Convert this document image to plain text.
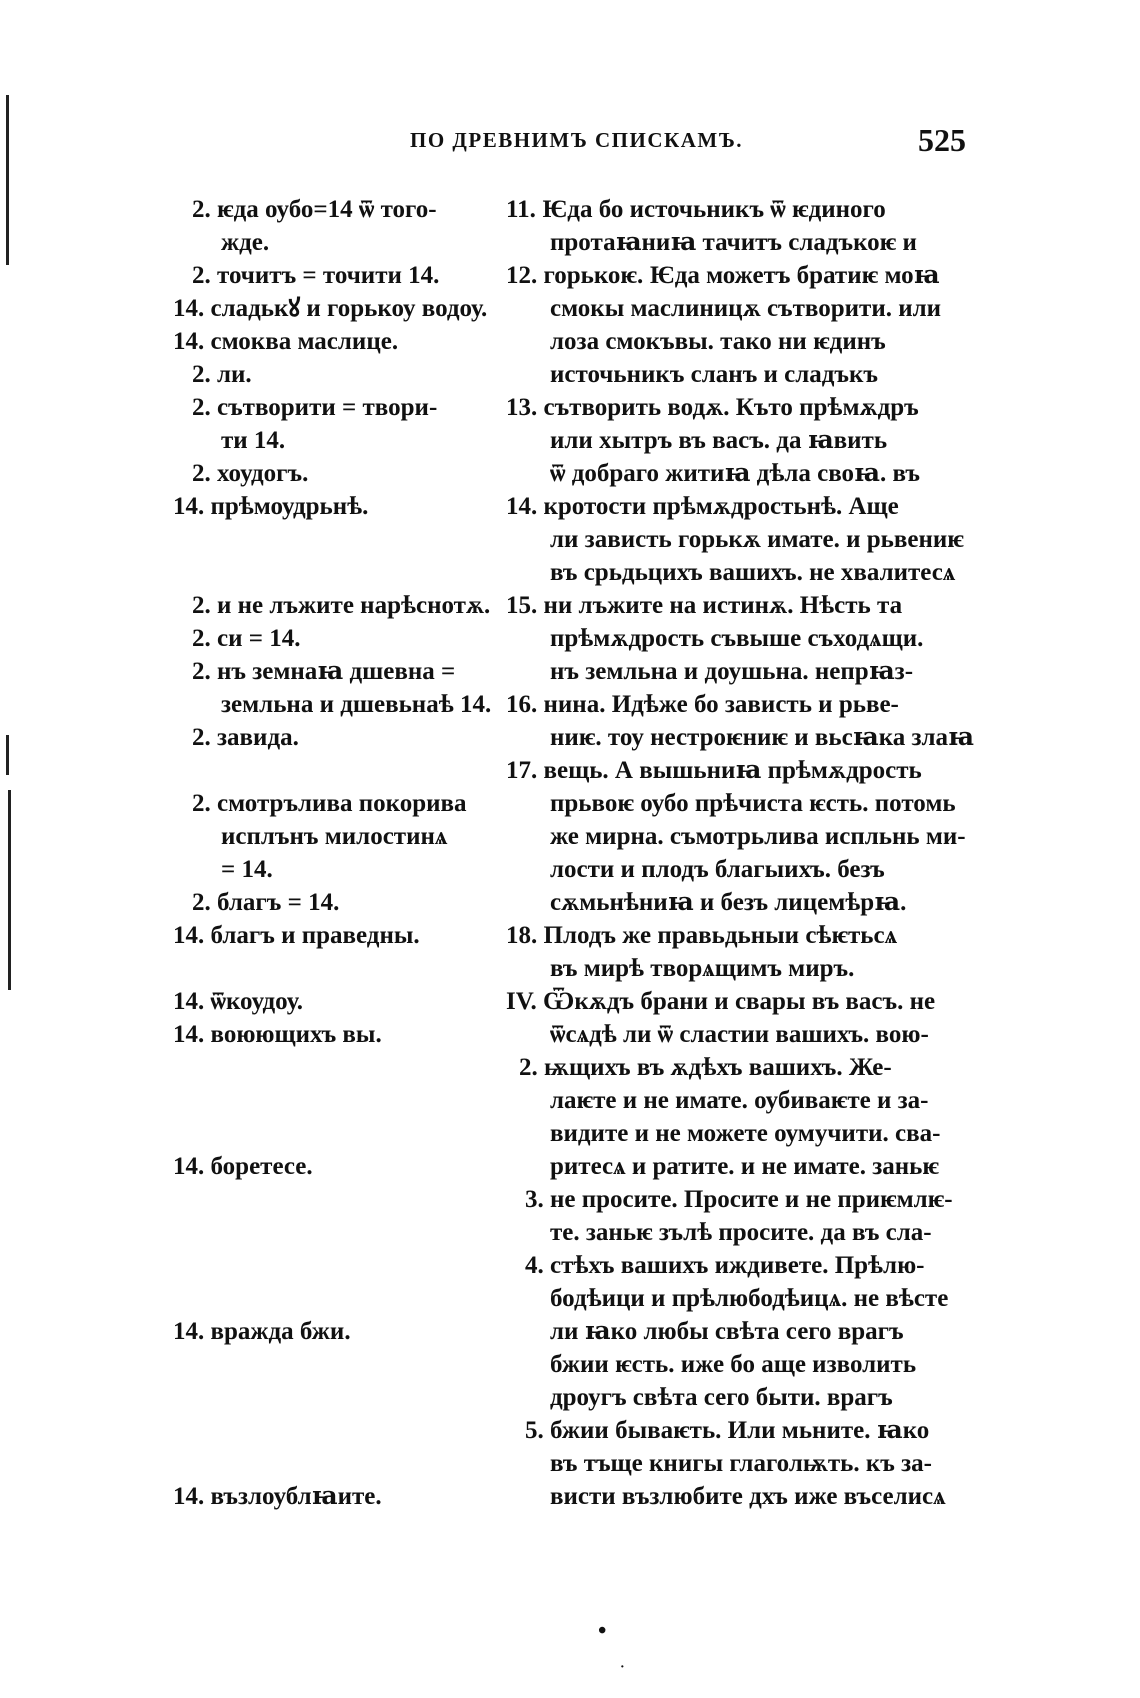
ПО ДРЕВНИМЪ СПИСКАМЪ.	525
2. ѥда оубо=14 ѿ того-
жде.
2. точитъ = точити 14.
14. сладькꙋ и горькоу водоу.
14. смоква маслице.
2. ли.
2. сътворити = твори-
ти 14.
2. хоудогъ.
14. прѣмоудрьнѣ.
2. и не лъжите нарѣснотѫ.
2. си = 14.
2. нъ земнаꙗ дшевна =
земльна и дшевьнаѣ 14.
2. завида.
2. смотрълива покорива
исплънъ милостинѧ
= 14.
2. благъ = 14.
14. благъ и праведны.
14. ѿкоудоу.
14. воюющихъ вы.
14. боретесе.
14. вражда бжи.
14. възлоублꙗите.
11. Ѥда бо источьникъ ѿ ѥдиного
протаꙗниꙗ тачитъ сладъкоѥ и
12. горькоѥ. Ѥда можетъ братиѥ моꙗ
смокы маслиницѫ сътворити. или
лоза смокъвы. тако ни ѥдинъ
источьникъ сланъ и сладъкъ
13. сътворить водѫ. Къто прѣмѫдръ
или хытръ въ васъ. да ꙗвить
ѿ добраго житиꙗ дѣла своꙗ. въ
14. кротости прѣмѫдростьнѣ. Аще
ли зависть горькѫ имате. и рьвениѥ
въ срьдьцихъ вашихъ. не хвалитесѧ
15. ни лъжите на истинѫ. Нѣсть та
прѣмѫдрость съвыше съходѧщи.
нъ земльна и доушьна. непрꙗз-
16. нина. Идѣже бо зависть и рьве-
ниѥ. тоу нестроѥниѥ и вьсꙗка злаꙗ
17. вещь. А вышьниꙗ прѣмѫдрость
прьвоѥ оубо прѣчиста ѥсть. потомь
же мирна. съмотрьлива испльнь ми-
лости и плодъ благыихъ. безъ
сѫмьнѣниꙗ и безъ лицемѣрꙗ.
18. Плодъ же правьдьныи сѣѥтьсѧ
въ мирѣ творѧщимъ миръ.
IV. Ѿкѫдъ брани и свары въ васъ. не
ѿсѧдѣ ли ѿ сластии вашихъ. вою-
2. ѭщихъ въ ѫдѣхъ вашихъ. Же-
лаѥте и не имате. оубиваѥте и за-
видите и не можете оумучити. сва-
ритесѧ и ратите. и не имате. заньѥ
3. не просите. Просите и не приѥмлѥ-
те. заньѥ зълѣ просите. да въ сла-
4. стѣхъ вашихъ иждивете. Прѣлю-
бодѣици и прѣлюбодѣицѧ. не вѣсте
ли ꙗко любы свѣта сего врагъ
бжии ѥсть. иже бо аще изволить
дроугъ свѣта сего быти. врагъ
5. бжии бываѥть. Или мьните. ꙗко
въ тъще книгы глаголѭть. къ за-
висти възлюбите дхъ иже въселисѧ
•
·
